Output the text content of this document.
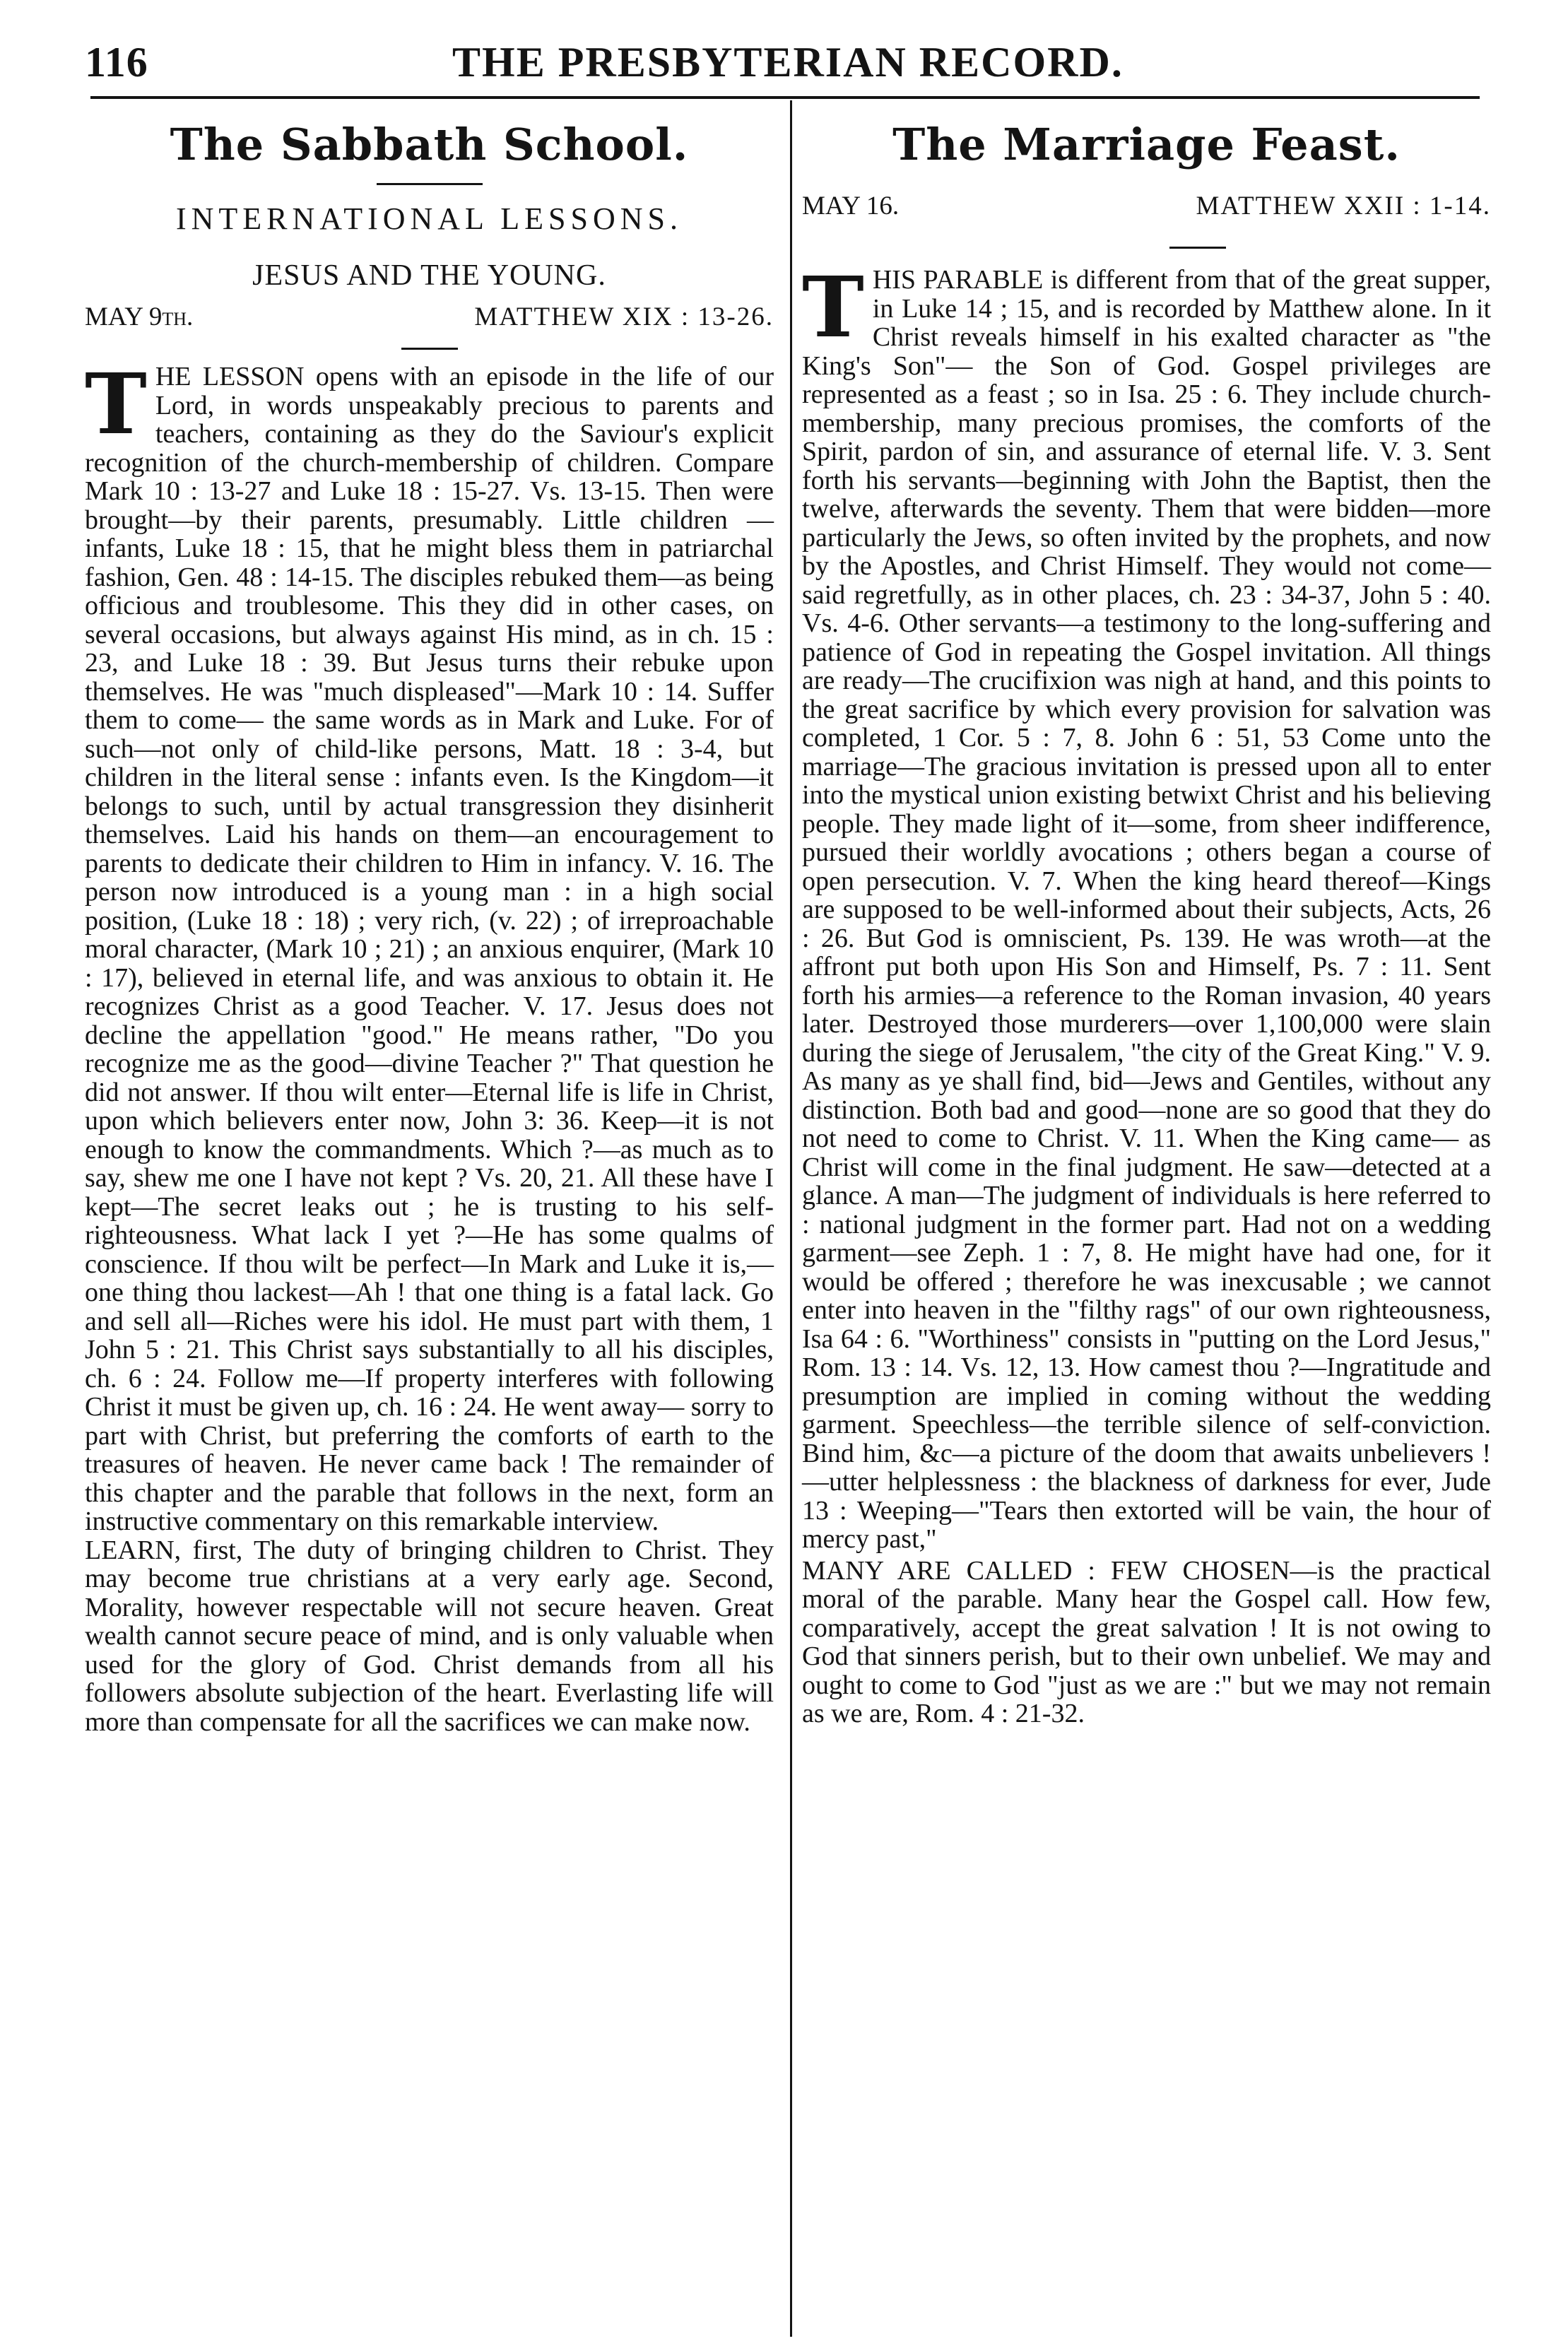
116	THE PRESBYTERIAN RECORD.
The Sabbath School.

INTERNATIONAL LESSONS.

JESUS AND THE YOUNG.

MAY 9th.	MATTHEW XIX : 13-26.

T HE LESSON opens with an episode in the life of our Lord, in words unspeakably precious to parents and teachers, containing as they do the Saviour's explicit recognition of the church-membership of children. Compare Mark 10 : 13-27 and Luke 18 : 15-27. Vs. 13-15. Then were brought—by their parents, presumably. Little children — infants, Luke 18 : 15, that he might bless them in patriarchal fashion, Gen. 48 : 14-15. The disciples rebuked them—as being officious and troublesome. This they did in other cases, on several occasions, but always against His mind, as in ch. 15 : 23, and Luke 18 : 39. But Jesus turns their rebuke upon themselves. He was "much displeased"—Mark 10 : 14. Suffer them to come— the same words as in Mark and Luke. For of such—not only of child-like persons, Matt. 18 : 3-4, but children in the literal sense : infants even. Is the Kingdom—it belongs to such, until by actual transgression they disinherit themselves. Laid his hands on them—an encouragement to parents to dedicate their children to Him in infancy. V. 16. The person now introduced is a young man : in a high social position, (Luke 18 : 18) ; very rich, (v. 22) ; of irreproachable moral character, (Mark 10 ; 21) ; an anxious enquirer, (Mark 10 : 17), believed in eternal life, and was anxious to obtain it. He recognizes Christ as a good Teacher. V. 17. Jesus does not decline the appellation "good." He means rather, "Do you recognize me as the good—divine Teacher ?" That question he did not answer. If thou wilt enter—Eternal life is life in Christ, upon which believers enter now, John 3: 36. Keep—it is not enough to know the commandments. Which ?—as much as to say, shew me one I have not kept ? Vs. 20, 21. All these have I kept—The secret leaks out ; he is trusting to his self-righteousness. What lack I yet ?—He has some qualms of conscience. If thou wilt be perfect—In Mark and Luke it is,—one thing thou lackest—Ah ! that one thing is a fatal lack. Go and sell all—Riches were his idol. He must part with them, 1 John 5 : 21. This Christ says substantially to all his disciples, ch. 6 : 24. Follow me—If property interferes with following Christ it must be given up, ch. 16 : 24. He went away— sorry to part with Christ, but preferring the comforts of earth to the treasures of heaven. He never came back ! The remainder of this chapter and the parable that follows in the next, form an instructive commentary on this remarkable interview.

LEARN, first, The duty of bringing children to Christ. They may become true christians at a very early age. Second, Morality, however respectable will not secure heaven. Great wealth cannot secure peace of mind, and is only valuable when used for the glory of God. Christ demands from all his followers absolute subjection of the heart. Everlasting life will more than compensate for all the sacrifices we can make now.

The Marriage Feast.
MAY 16.	MATTHEW XXII : 1-14.

T HIS PARABLE is different from that of the great supper, in Luke 14 ; 15, and is recorded by Matthew alone. In it Christ reveals himself in his exalted character as "the King's Son"— the Son of God. Gospel privileges are represented as a feast ; so in Isa. 25 : 6. They include church-membership, many precious promises, the comforts of the Spirit, pardon of sin, and assurance of eternal life. V. 3. Sent forth his servants—beginning with John the Baptist, then the twelve, afterwards the seventy. Them that were bidden—more particularly the Jews, so often invited by the prophets, and now by the Apostles, and Christ Himself. They would not come—said regretfully, as in other places, ch. 23 : 34-37, John 5 : 40. Vs. 4-6. Other servants—a testimony to the long-suffering and patience of God in repeating the Gospel invitation. All things are ready—The crucifixion was nigh at hand, and this points to the great sacrifice by which every provision for salvation was completed, 1 Cor. 5 : 7, 8. John 6 : 51, 53 Come unto the marriage—The gracious invitation is pressed upon all to enter into the mystical union existing betwixt Christ and his believing people. They made light of it—some, from sheer indifference, pursued their worldly avocations ; others began a course of open persecution. V. 7. When the king heard thereof—Kings are supposed to be well-informed about their subjects, Acts, 26 : 26. But God is omniscient, Ps. 139. He was wroth—at the affront put both upon His Son and Himself, Ps. 7 : 11. Sent forth his armies—a reference to the Roman invasion, 40 years later. Destroyed those murderers—over 1,100,000 were slain during the siege of Jerusalem, "the city of the Great King." V. 9. As many as ye shall find, bid—Jews and Gentiles, without any distinction. Both bad and good—none are so good that they do not need to come to Christ. V. 11. When the King came— as Christ will come in the final judgment. He saw—detected at a glance. A man—The judgment of individuals is here referred to : national judgment in the former part. Had not on a wedding garment—see Zeph. 1 : 7, 8. He might have had one, for it would be offered ; therefore he was inexcusable ; we cannot enter into heaven in the "filthy rags" of our own righteousness, Isa 64 : 6. "Worthiness" consists in "putting on the Lord Jesus," Rom. 13 : 14. Vs. 12, 13. How camest thou ?—Ingratitude and presumption are implied in coming without the wedding garment. Speechless—the terrible silence of self-conviction. Bind him, &c—a picture of the doom that awaits unbelievers !—utter helplessness : the blackness of darkness for ever, Jude 13 : Weeping—"Tears then extorted will be vain, the hour of mercy past,"

MANY ARE CALLED : FEW CHOSEN—is the practical moral of the parable. Many hear the Gospel call. How few, comparatively, accept the great salvation ! It is not owing to God that sinners perish, but to their own unbelief. We may and ought to come to God "just as we are :" but we may not remain as we are, Rom. 4 : 21-32.
